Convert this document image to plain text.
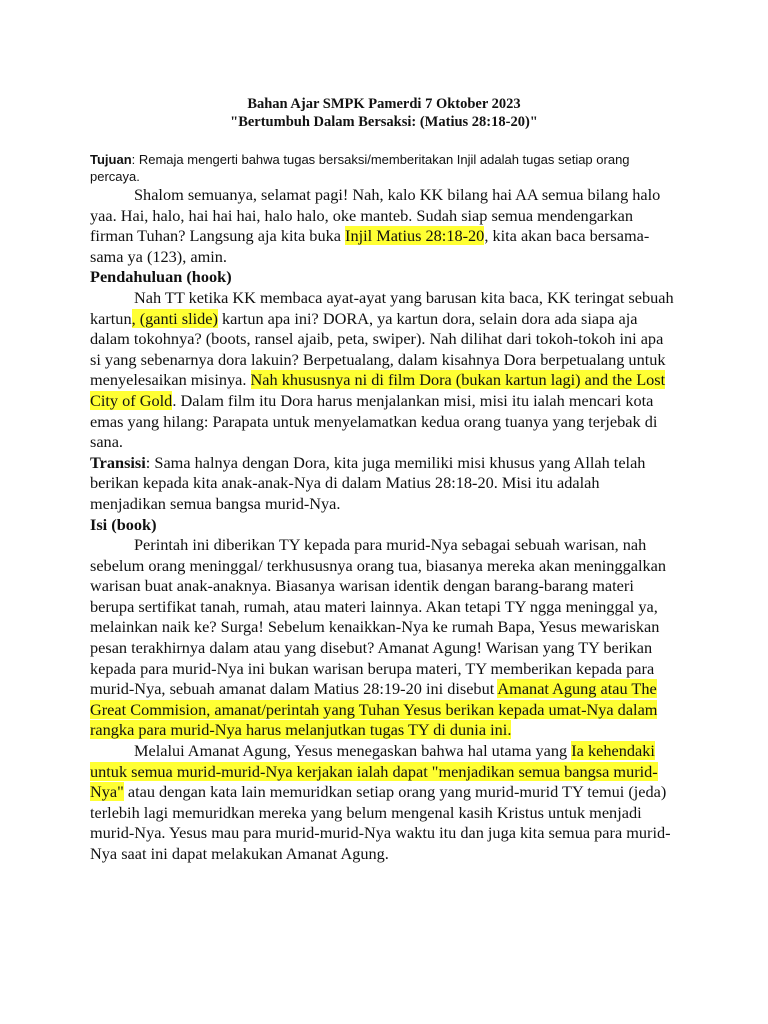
Bahan Ajar SMPK Pamerdi 7 Oktober 2023
"Bertumbuh Dalam Bersaksi: (Matius 28:18-20)"
Tujuan: Remaja mengerti bahwa tugas bersaksi/memberitakan Injil adalah tugas setiap orang percaya.

Shalom semuanya, selamat pagi! Nah, kalo KK bilang hai AA semua bilang halo yaa. Hai, halo, hai hai hai, halo halo, oke manteb. Sudah siap semua mendengarkan firman Tuhan? Langsung aja kita buka Injil Matius 28:18-20, kita akan baca bersama-sama ya (123), amin.

Pendahuluan (hook)

Nah TT ketika KK membaca ayat-ayat yang barusan kita baca, KK teringat sebuah kartun, (ganti slide) kartun apa ini? DORA, ya kartun dora, selain dora ada siapa aja dalam tokohnya? (boots, ransel ajaib, peta, swiper). Nah dilihat dari tokoh-tokoh ini apa si yang sebenarnya dora lakuin? Berpetualang, dalam kisahnya Dora berpetualang untuk menyelesaikan misinya. Nah khususnya ni di film Dora (bukan kartun lagi) and the Lost City of Gold. Dalam film itu Dora harus menjalankan misi, misi itu ialah mencari kota emas yang hilang: Parapata untuk menyelamatkan kedua orang tuanya yang terjebak di sana.

Transisi: Sama halnya dengan Dora, kita juga memiliki misi khusus yang Allah telah berikan kepada kita anak-anak-Nya di dalam Matius 28:18-20. Misi itu adalah menjadikan semua bangsa murid-Nya.

Isi (book)

Perintah ini diberikan TY kepada para murid-Nya sebagai sebuah warisan, nah sebelum orang meninggal/ terkhususnya orang tua, biasanya mereka akan meninggalkan warisan buat anak-anaknya. Biasanya warisan identik dengan barang-barang materi berupa sertifikat tanah, rumah, atau materi lainnya. Akan tetapi TY ngga meninggal ya, melainkan naik ke? Surga! Sebelum kenaikkan-Nya ke rumah Bapa, Yesus mewariskan pesan terakhirnya dalam atau yang disebut? Amanat Agung! Warisan yang TY berikan kepada para murid-Nya ini bukan warisan berupa materi, TY memberikan kepada para murid-Nya, sebuah amanat dalam Matius 28:19-20 ini disebut Amanat Agung atau The Great Commision, amanat/perintah yang Tuhan Yesus berikan kepada umat-Nya dalam rangka para murid-Nya harus melanjutkan tugas TY di dunia ini.

Melalui Amanat Agung, Yesus menegaskan bahwa hal utama yang Ia kehendaki untuk semua murid-murid-Nya kerjakan ialah dapat "menjadikan semua bangsa murid-Nya" atau dengan kata lain memuridkan setiap orang yang murid-murid TY temui (jeda) terlebih lagi memuridkan mereka yang belum mengenal kasih Kristus untuk menjadi murid-Nya. Yesus mau para murid-murid-Nya waktu itu dan juga kita semua para murid-Nya saat ini dapat melakukan Amanat Agung.
